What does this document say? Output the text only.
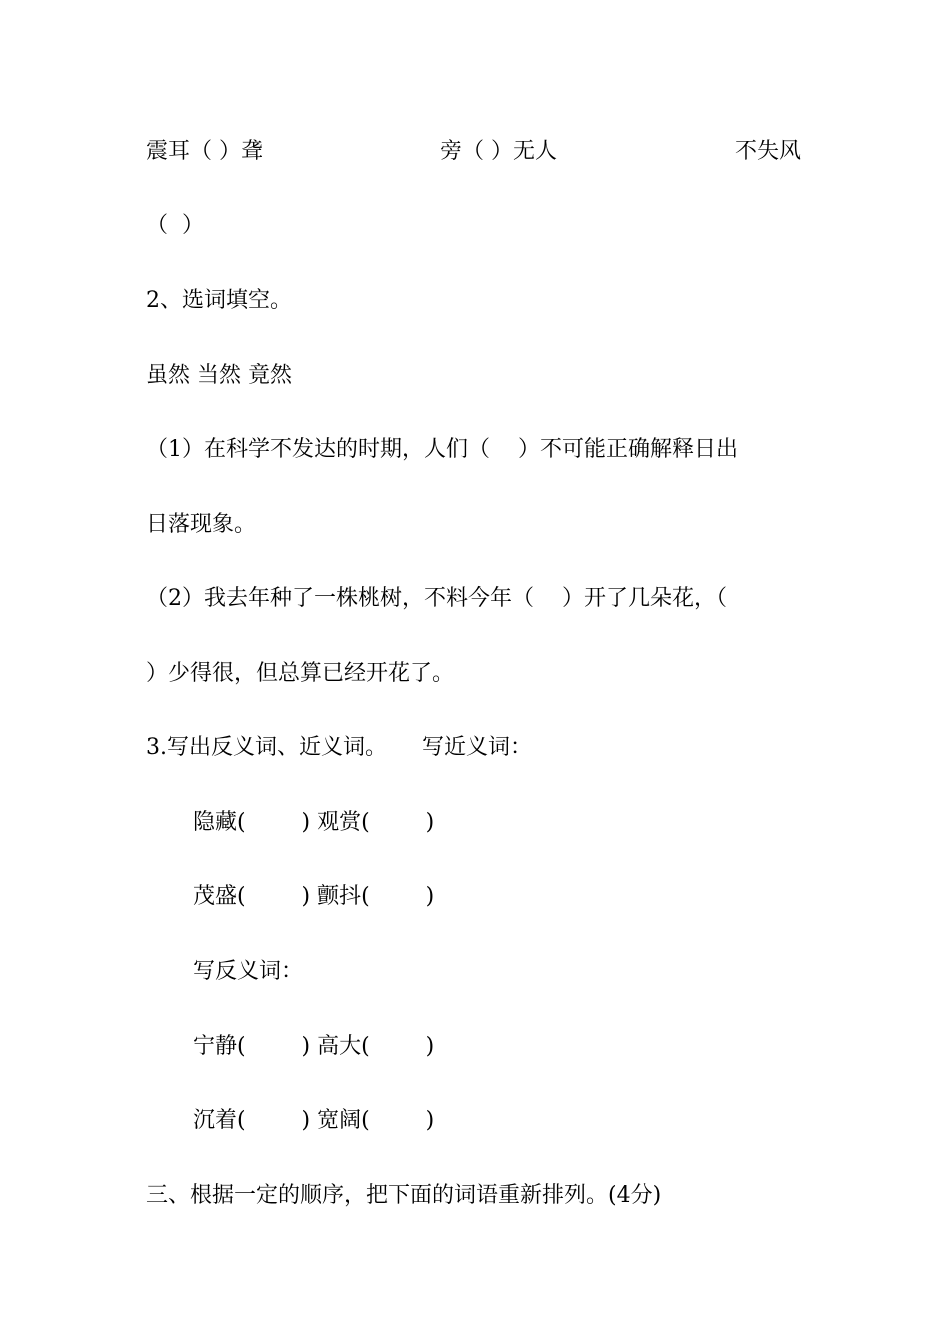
震耳（ ）聋	旁（ ）无人	不失风
（  ）
2、选词填空。
虽然 当然 竟然
（1）在科学不发达的时期，人们（    ）不可能正确解释日出
日落现象。
（2）我去年种了一株桃树，不料今年（    ）开了几朵花，（
）少得很，但总算已经开花了。
3.写出反义词、近义词。     写近义词：
隐藏(        ) 观赏(        )
茂盛(        ) 颤抖(        )
写反义词：
宁静(        ) 高大(        )
沉着(        ) 宽阔(        )
三、根据一定的顺序，把下面的词语重新排列。(4分)
